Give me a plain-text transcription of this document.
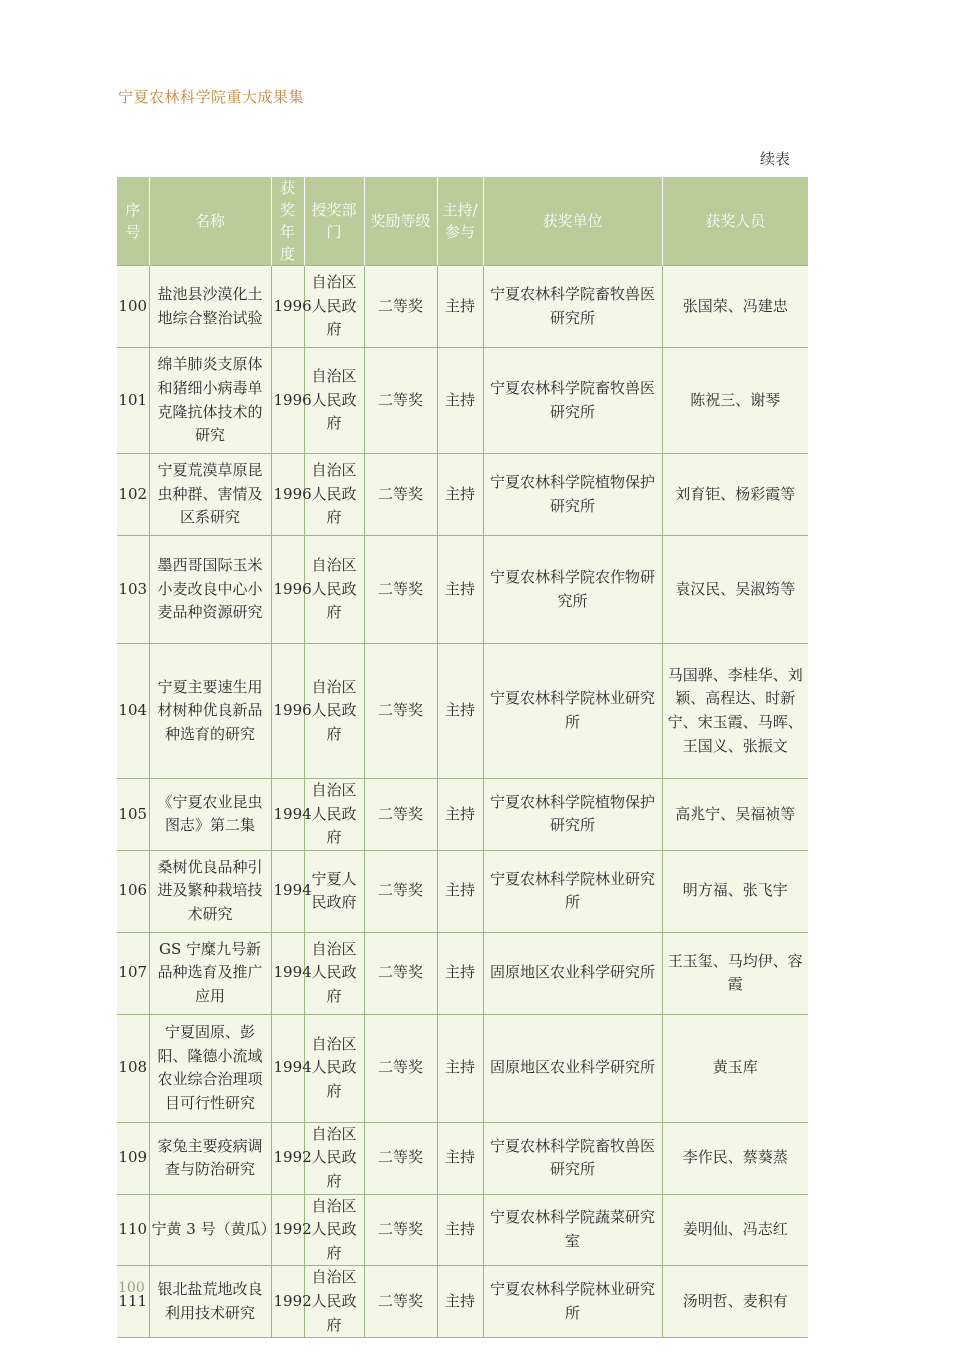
宁夏农林科学院重大成果集
续表
序号	名称	获奖年度	授奖部门	奖励等级	主持/参与	获奖单位	获奖人员
100	盐池县沙漠化土地综合整治试验	1996	自治区人民政府	二等奖	主持	宁夏农林科学院畜牧兽医研究所	张国荣、冯建忠
101	绵羊肺炎支原体和猪细小病毒单克隆抗体技术的研究	1996	自治区人民政府	二等奖	主持	宁夏农林科学院畜牧兽医研究所	陈祝三、谢琴
102	宁夏荒漠草原昆虫种群、害情及区系研究	1996	自治区人民政府	二等奖	主持	宁夏农林科学院植物保护研究所	刘育钜、杨彩霞等
103	墨西哥国际玉米小麦改良中心小麦品种资源研究	1996	自治区人民政府	二等奖	主持	宁夏农林科学院农作物研究所	袁汉民、吴淑筠等
104	宁夏主要速生用材树种优良新品种选育的研究	1996	自治区人民政府	二等奖	主持	宁夏农林科学院林业研究所	马国骅、李桂华、刘颖、高程达、时新宁、宋玉霞、马晖、王国义、张振文
105	《宁夏农业昆虫图志》第二集	1994	自治区人民政府	二等奖	主持	宁夏农林科学院植物保护研究所	高兆宁、吴福祯等
106	桑树优良品种引进及繁种栽培技术研究	1994	宁夏人民政府	二等奖	主持	宁夏农林科学院林业研究所	明方福、张飞宇
107	GS 宁糜九号新品种选育及推广应用	1994	自治区人民政府	二等奖	主持	固原地区农业科学研究所	王玉玺、马均伊、容霞
108	宁夏固原、彭阳、隆德小流域农业综合治理项目可行性研究	1994	自治区人民政府	二等奖	主持	固原地区农业科学研究所	黄玉库
109	家兔主要疫病调查与防治研究	1992	自治区人民政府	二等奖	主持	宁夏农林科学院畜牧兽医研究所	李作民、蔡葵蒸
110	宁黄 3 号（黄瓜）	1992	自治区人民政府	二等奖	主持	宁夏农林科学院蔬菜研究室	姜明仙、冯志红
111	银北盐荒地改良利用技术研究	1992	自治区人民政府	二等奖	主持	宁夏农林科学院林业研究所	汤明哲、麦积有
100
